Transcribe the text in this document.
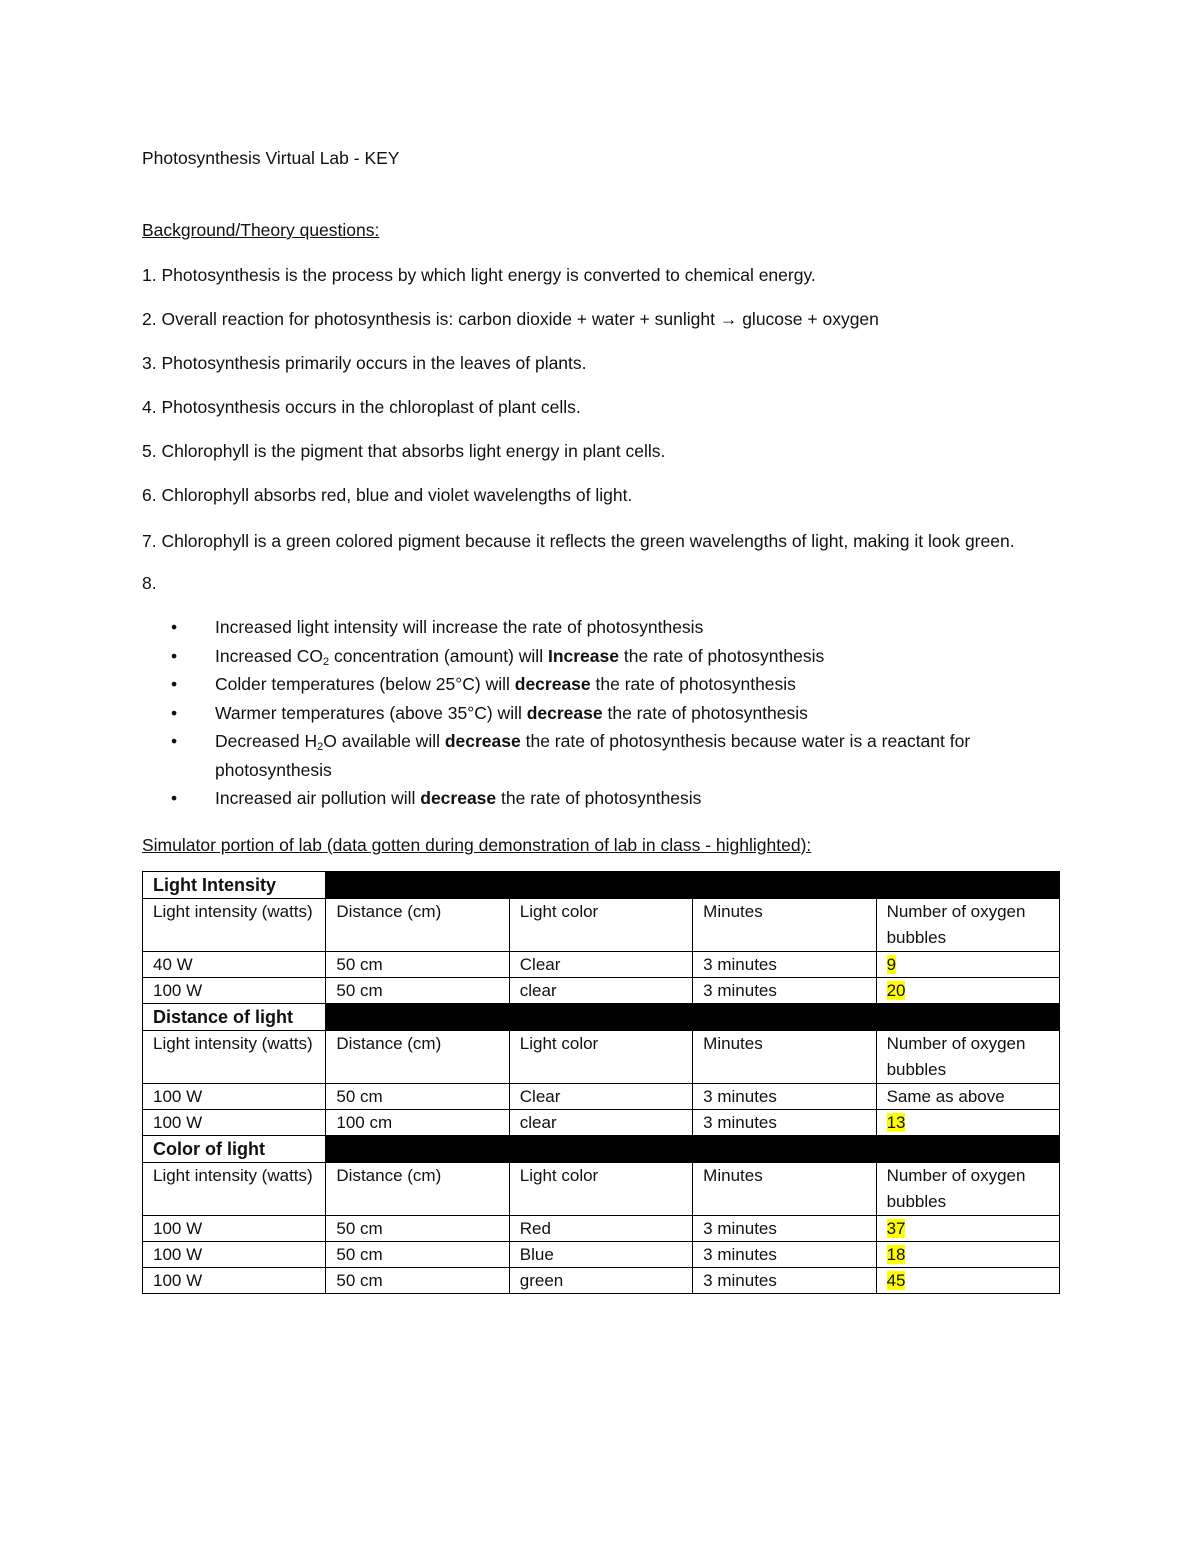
Photosynthesis Virtual Lab - KEY
Background/Theory questions:
1. Photosynthesis is the process by which light energy is converted to chemical energy.
2. Overall reaction for photosynthesis is: carbon dioxide + water + sunlight → glucose + oxygen
3. Photosynthesis primarily occurs in the leaves of plants.
4. Photosynthesis occurs in the chloroplast of plant cells.
5. Chlorophyll is the pigment that absorbs light energy in plant cells.
6. Chlorophyll absorbs red, blue and violet wavelengths of light.
7. Chlorophyll is a green colored pigment because it reflects the green wavelengths of light, making it look green.
8.
• Increased light intensity will increase the rate of photosynthesis
• Increased $CO_2$ concentration (amount) will Increase the rate of photosynthesis
• Colder temperatures (below 25°C) will decrease the rate of photosynthesis
• Warmer temperatures (above 35°C) will decrease the rate of photosynthesis
• Decreased $H_2O$ available will decrease the rate of photosynthesis because water is a reactant for photosynthesis
• Increased air pollution will decrease the rate of photosynthesis
Simulator portion of lab (data gotten during demonstration of lab in class - highlighted):
Light Intensity				
Light intensity (watts)	Distance (cm)	Light color	Minutes	Number of oxygen bubbles
40 W	50 cm	Clear	3 minutes	9
100 W	50 cm	clear	3 minutes	20
Distance of light				
Light intensity (watts)	Distance (cm)	Light color	Minutes	Number of oxygen bubbles
100 W	50 cm	Clear	3 minutes	Same as above
100 W	100 cm	clear	3 minutes	13
Color of light				
Light intensity (watts)	Distance (cm)	Light color	Minutes	Number of oxygen bubbles
100 W	50 cm	Red	3 minutes	37
100 W	50 cm	Blue	3 minutes	18
100 W	50 cm	green	3 minutes	45
